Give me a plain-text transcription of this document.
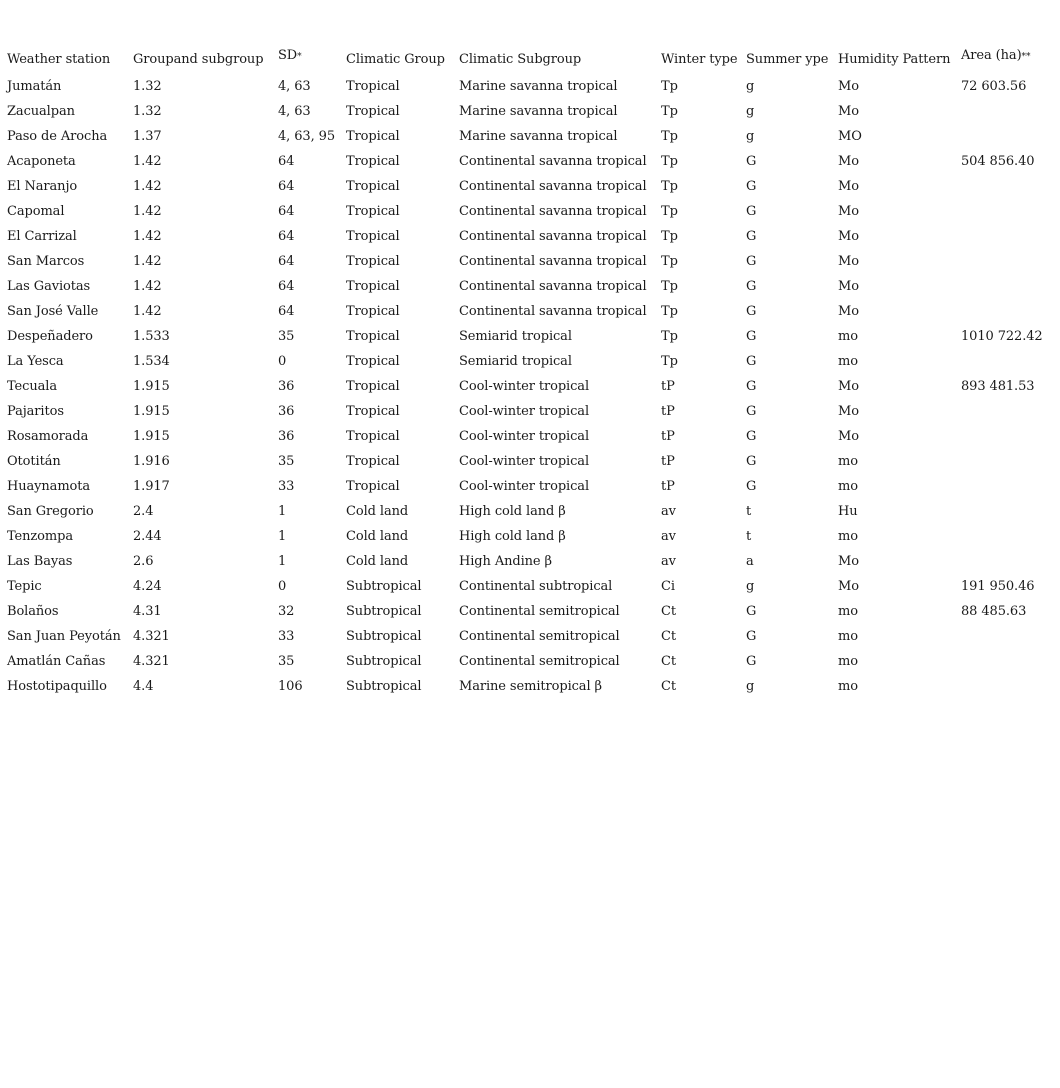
Weather station	Groupand subgroup	SD*	Climatic Group	Climatic Subgroup	Winter type	Summer ype	Humidity Pattern	Area (ha)**
Jumatán	1.32	4, 63	Tropical	Marine savanna tropical	Tp	g	Mo	72 603.56
Zacualpan	1.32	4, 63	Tropical	Marine savanna tropical	Tp	g	Mo	
Paso de Arocha	1.37	4, 63, 95	Tropical	Marine savanna tropical	Tp	g	MO	
Acaponeta	1.42	64	Tropical	Continental savanna tropical	Tp	G	Mo	504 856.40
El Naranjo	1.42	64	Tropical	Continental savanna tropical	Tp	G	Mo	
Capomal	1.42	64	Tropical	Continental savanna tropical	Tp	G	Mo	
El Carrizal	1.42	64	Tropical	Continental savanna tropical	Tp	G	Mo	
San Marcos	1.42	64	Tropical	Continental savanna tropical	Tp	G	Mo	
Las Gaviotas	1.42	64	Tropical	Continental savanna tropical	Tp	G	Mo	
San José Valle	1.42	64	Tropical	Continental savanna tropical	Tp	G	Mo	
Despeñadero	1.533	35	Tropical	Semiarid tropical	Tp	G	mo	1010 722.42
La Yesca	1.534	0	Tropical	Semiarid tropical	Tp	G	mo	
Tecuala	1.915	36	Tropical	Cool-winter tropical	tP	G	Mo	893 481.53
Pajaritos	1.915	36	Tropical	Cool-winter tropical	tP	G	Mo	
Rosamorada	1.915	36	Tropical	Cool-winter tropical	tP	G	Mo	
Ototitán	1.916	35	Tropical	Cool-winter tropical	tP	G	mo	
Huaynamota	1.917	33	Tropical	Cool-winter tropical	tP	G	mo	
San Gregorio	2.4	1	Cold land	High cold land β	av	t	Hu	
Tenzompa	2.44	1	Cold land	High cold land β	av	t	mo	
Las Bayas	2.6	1	Cold land	High Andine β	av	a	Mo	
Tepic	4.24	0	Subtropical	Continental subtropical	Ci	g	Mo	191 950.46
Bolaños	4.31	32	Subtropical	Continental semitropical	Ct	G	mo	88 485.63
San Juan Peyotán	4.321	33	Subtropical	Continental semitropical	Ct	G	mo	
Amatlán Cañas	4.321	35	Subtropical	Continental semitropical	Ct	G	mo	
Hostotipaquillo	4.4	106	Subtropical	Marine semitropical β	Ct	g	mo	
